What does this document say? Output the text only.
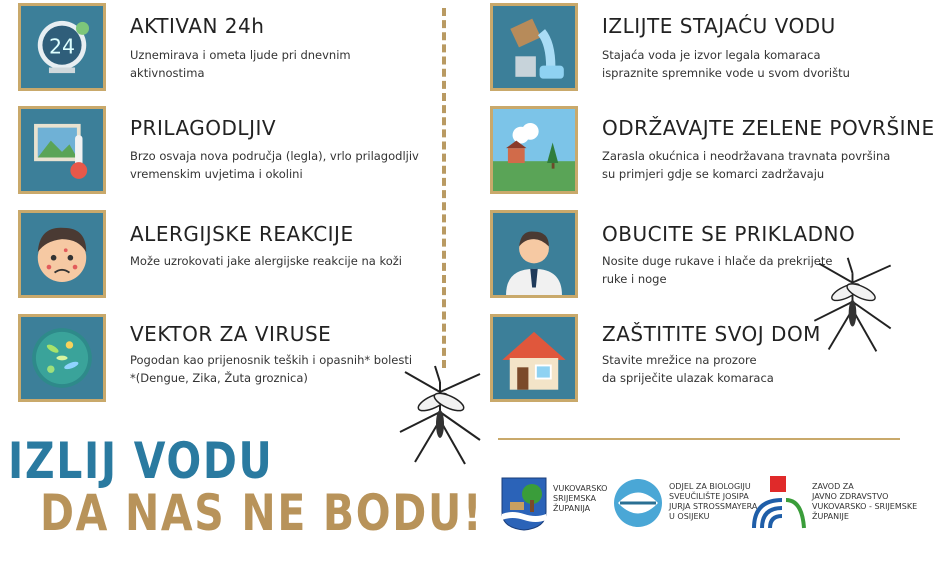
24
AKTIVAN 24h
Uznemirava i ometa ljude pri dnevnim
aktivnostima
PRILAGODLJIV
Brzo osvaja nova područja (legla), vrlo prilagodljiv
vremenskim uvjetima i okolini
ALERGIJSKE REAKCIJE
Može uzrokovati jake alergijske reakcije na koži
VEKTOR ZA VIRUSE
Pogodan kao prijenosnik teških i opasnih* bolesti
*(Dengue, Zika, Žuta groznica)
IZLIJTE STAJAĆU VODU
Stajaća voda je izvor legala komaraca
ispraznite spremnike vode u svom dvorištu
ODRŽAVAJTE ZELENE POVRŠINE
Zarasla okućnica i neodržavana travnata površina
su primjeri gdje se komarci zadržavaju
OBUCITE SE PRIKLADNO
Nosite duge rukave i hlače da prekrijete
ruke i noge
ZAŠTITITE SVOJ DOM
Stavite mrežice na prozore
da spriječite ulazak komaraca
IZLIJ VODU
DA NAS NE BODU!	VUKOVARSKO
SRIJEMSKA
ŽUPANIJA
ODJEL ZA BIOLOGIJU
SVEUČILIŠTE JOSIPA
JURJA STROSSMAYERA
U OSIJEKU
ZAVOD ZA
JAVNO ZDRAVSTVO
VUKOVARSKO - SRIJEMSKE
ŽUPANIJE
